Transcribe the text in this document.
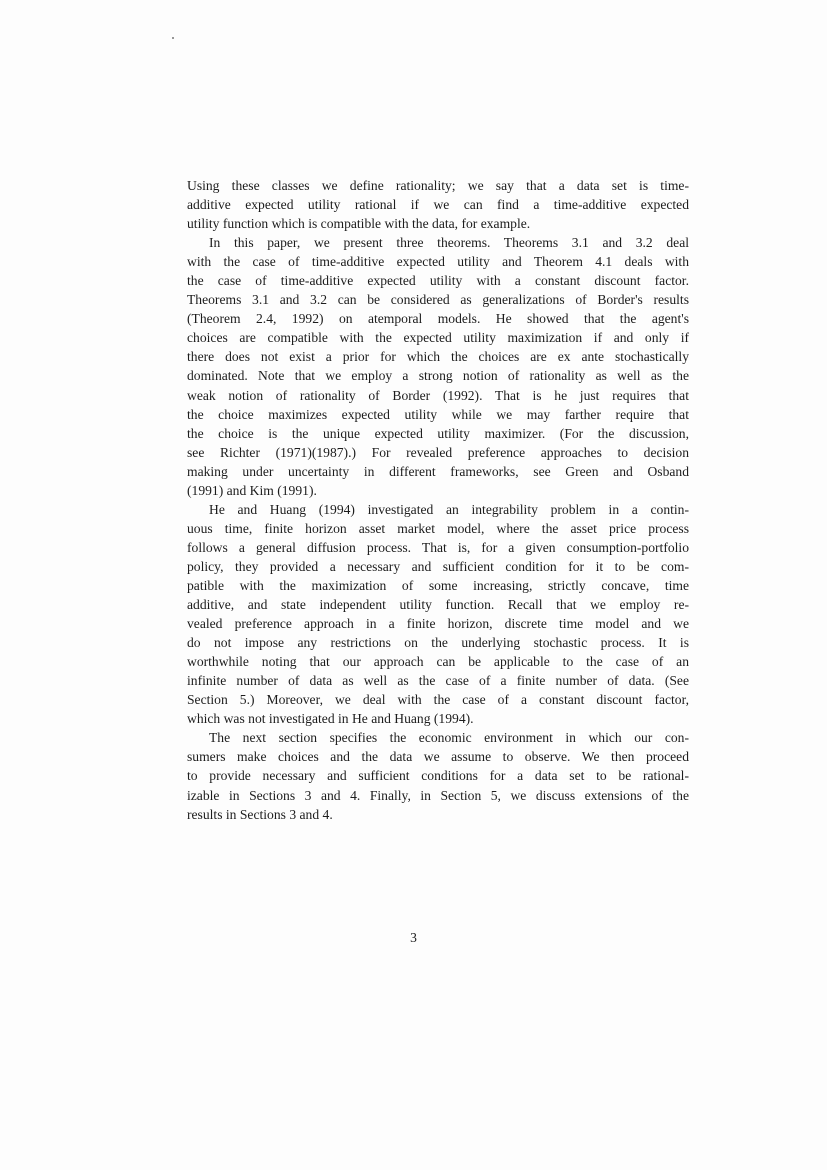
Using these classes we define rationality; we say that a data set is time-
additive expected utility rational if we can find a time-additive expected
utility function which is compatible with the data, for example.
In this paper, we present three theorems. Theorems 3.1 and 3.2 deal
with the case of time-additive expected utility and Theorem 4.1 deals with
the case of time-additive expected utility with a constant discount factor.
Theorems 3.1 and 3.2 can be considered as generalizations of Border's results
(Theorem 2.4, 1992) on atemporal models. He showed that the agent's
choices are compatible with the expected utility maximization if and only if
there does not exist a prior for which the choices are ex ante stochastically
dominated. Note that we employ a strong notion of rationality as well as the
weak notion of rationality of Border (1992). That is he just requires that
the choice maximizes expected utility while we may farther require that
the choice is the unique expected utility maximizer. (For the discussion,
see Richter (1971)(1987).) For revealed preference approaches to decision
making under uncertainty in different frameworks, see Green and Osband
(1991) and Kim (1991).
He and Huang (1994) investigated an integrability problem in a contin-
uous time, finite horizon asset market model, where the asset price process
follows a general diffusion process. That is, for a given consumption-portfolio
policy, they provided a necessary and sufficient condition for it to be com-
patible with the maximization of some increasing, strictly concave, time
additive, and state independent utility function. Recall that we employ re-
vealed preference approach in a finite horizon, discrete time model and we
do not impose any restrictions on the underlying stochastic process. It is
worthwhile noting that our approach can be applicable to the case of an
infinite number of data as well as the case of a finite number of data. (See
Section 5.) Moreover, we deal with the case of a constant discount factor,
which was not investigated in He and Huang (1994).
The next section specifies the economic environment in which our con-
sumers make choices and the data we assume to observe. We then proceed
to provide necessary and sufficient conditions for a data set to be rational-
izable in Sections 3 and 4. Finally, in Section 5, we discuss extensions of the
results in Sections 3 and 4.
3
